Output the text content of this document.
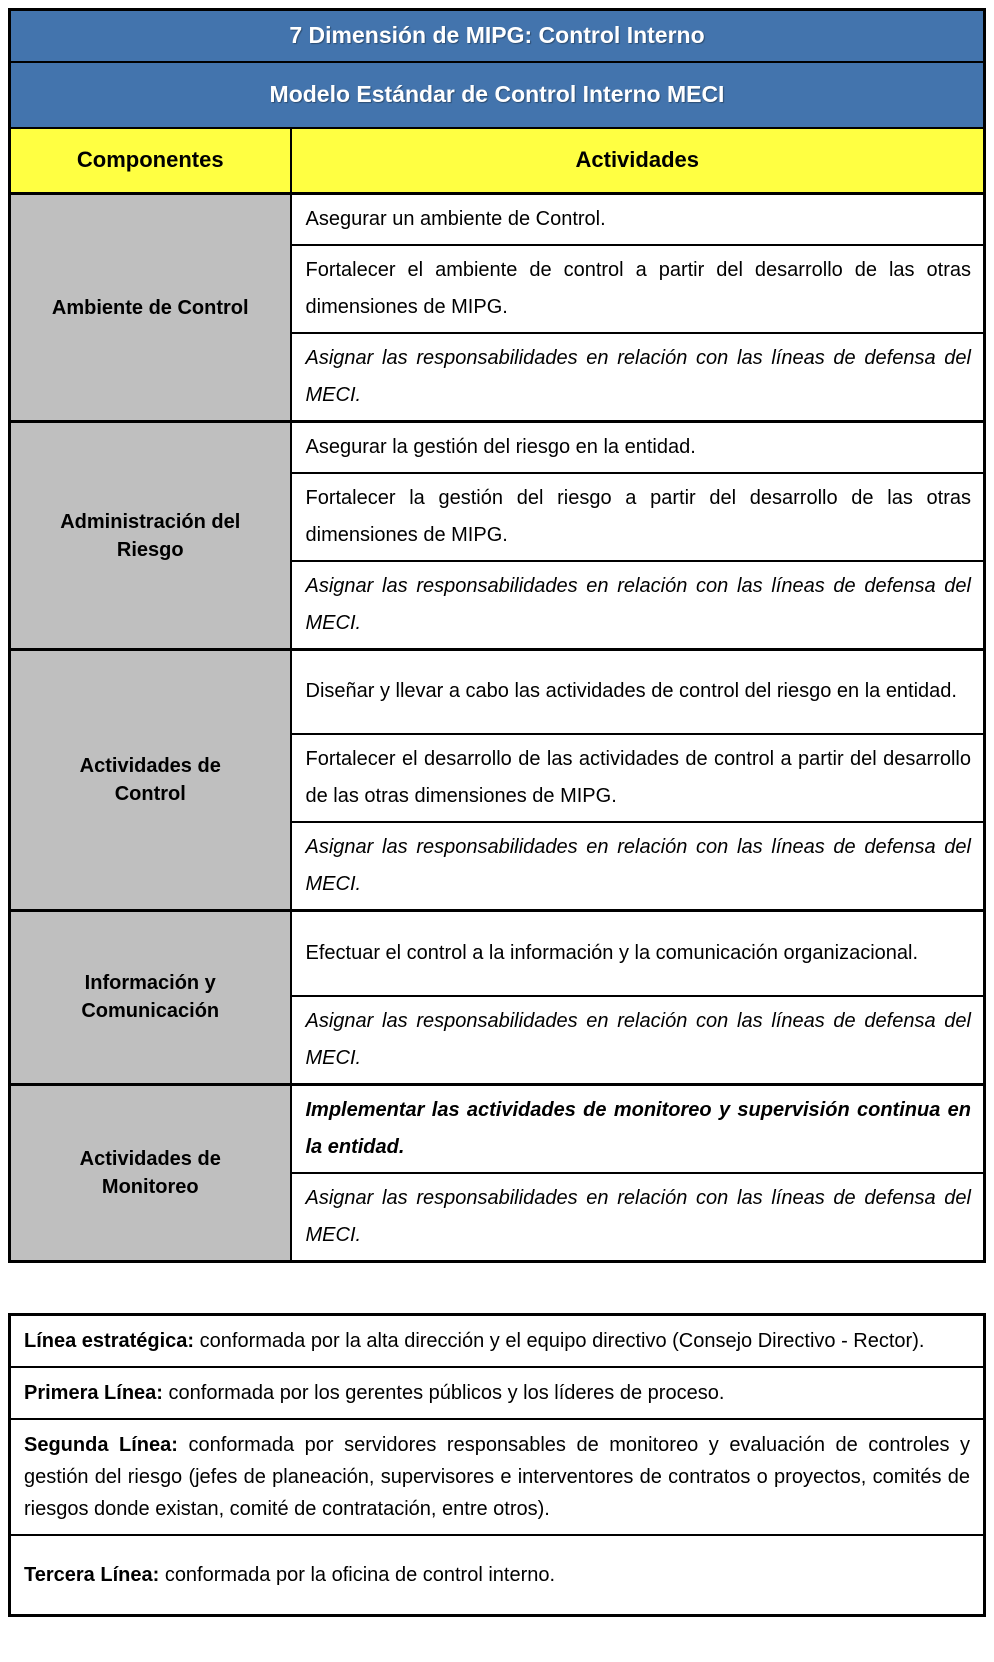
7 Dimensión de MIPG: Control Interno	
Modelo Estándar de Control Interno MECI	
Componentes	Actividades
Ambiente de Control	Asegurar un ambiente de Control.
	Fortalecer el ambiente de control a partir del desarrollo de las otras dimensiones de MIPG.
	Asignar las responsabilidades en relación con las líneas de defensa del MECI.
Administración del Riesgo	Asegurar la gestión del riesgo en la entidad.
	Fortalecer la gestión del riesgo a partir del desarrollo de las otras dimensiones de MIPG.
	Asignar las responsabilidades en relación con las líneas de defensa del MECI.
Actividades de Control	Diseñar y llevar a cabo las actividades de control del riesgo en la entidad.
	Fortalecer el desarrollo de las actividades de control a partir del desarrollo de las otras dimensiones de MIPG.
	Asignar las responsabilidades en relación con las líneas de defensa del MECI.
Información y Comunicación	Efectuar el control a la información y la comunicación organizacional.
	Asignar las responsabilidades en relación con las líneas de defensa del MECI.
Actividades de Monitoreo	Implementar las actividades de monitoreo y supervisión continua en la entidad.
	Asignar las responsabilidades en relación con las líneas de defensa del MECI.
Línea estratégica: conformada por la alta dirección y el equipo directivo (Consejo Directivo - Rector).
Primera Línea: conformada por los gerentes públicos y los líderes de proceso.
Segunda Línea: conformada por servidores responsables de monitoreo y evaluación de controles y gestión del riesgo (jefes de planeación, supervisores e interventores de contratos o proyectos, comités de riesgos donde existan, comité de contratación, entre otros).
Tercera Línea: conformada por la oficina de control interno.
